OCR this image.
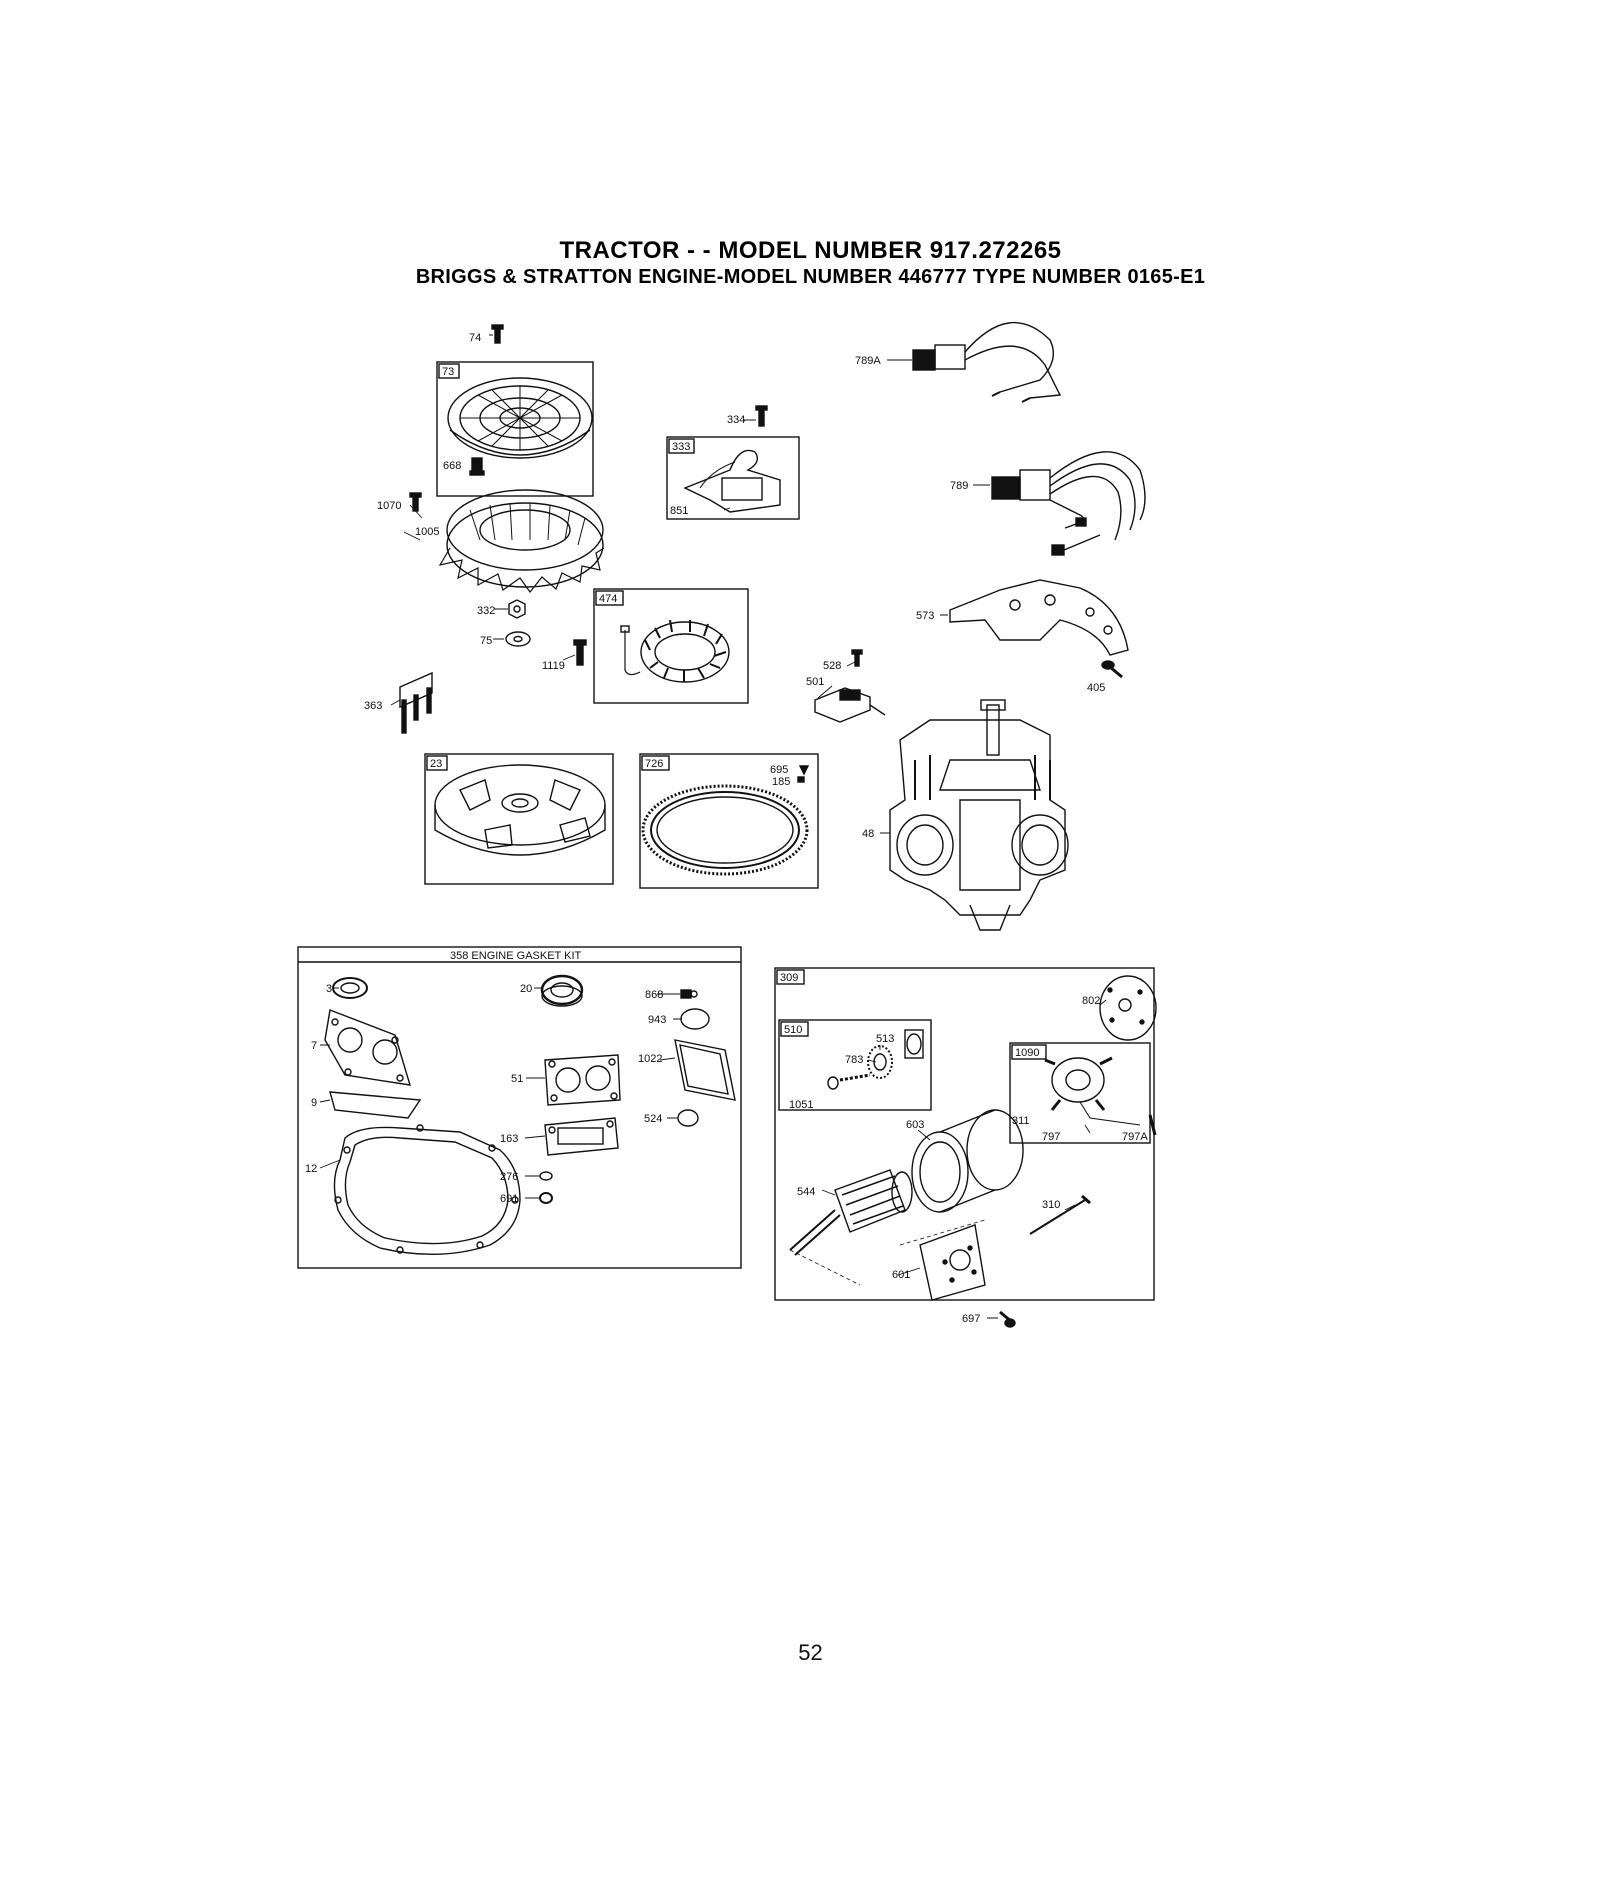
TRACTOR - - MODEL NUMBER 917.272265
BRIGGS & STRATTON ENGINE-MODEL NUMBER 446777 TYPE NUMBER 0165-E1
74
73
668
1070
1005
332
75
1119
363
334
333
851
474
789A
789
573
405
528
501
23	726	695
185
48
358 ENGINE GASKET KIT
3	20	868
943
7
51
1022
9
524
163
12
276
691
309
802
510
513
783
1051
1090
311
797	797A
603
544
310
601
697
52
